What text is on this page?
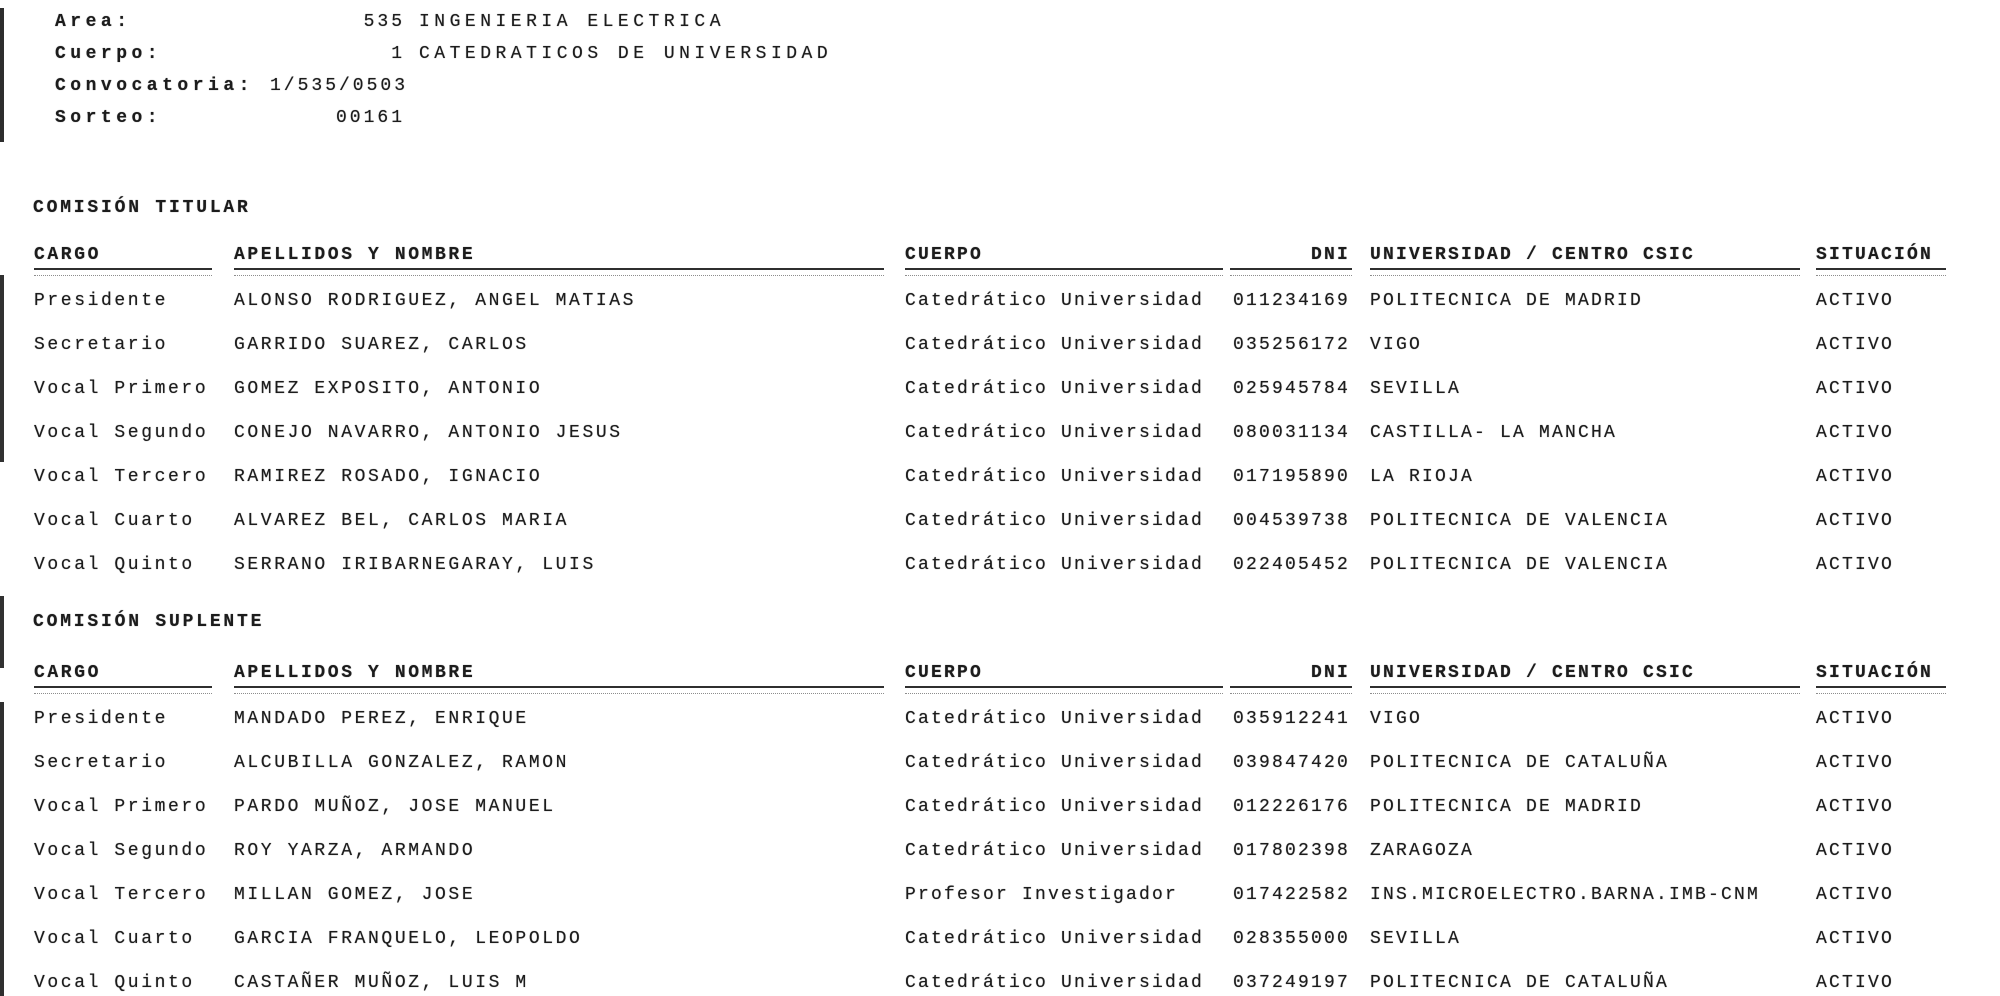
Area:	535 INGENIERIA ELECTRICA
Cuerpo:	1 CATEDRATICOS DE UNIVERSIDAD
Convocatoria: 1/535/0503
Sorteo:	00161
COMISIÓN TITULAR
CARGO	APELLIDOS Y NOMBRE	CUERPO	DNI	UNIVERSIDAD / CENTRO CSIC	SITUACIÓN
Presidente	ALONSO RODRIGUEZ, ANGEL MATIAS	Catedrático Universidad	011234169	POLITECNICA DE MADRID	ACTIVO
Secretario	GARRIDO SUAREZ, CARLOS	Catedrático Universidad	035256172	VIGO	ACTIVO
Vocal Primero	GOMEZ EXPOSITO, ANTONIO	Catedrático Universidad	025945784	SEVILLA	ACTIVO
Vocal Segundo	CONEJO NAVARRO, ANTONIO JESUS	Catedrático Universidad	080031134	CASTILLA- LA MANCHA	ACTIVO
Vocal Tercero	RAMIREZ ROSADO, IGNACIO	Catedrático Universidad	017195890	LA RIOJA	ACTIVO
Vocal Cuarto	ALVAREZ BEL, CARLOS MARIA	Catedrático Universidad	004539738	POLITECNICA DE VALENCIA	ACTIVO
Vocal Quinto	SERRANO IRIBARNEGARAY, LUIS	Catedrático Universidad	022405452	POLITECNICA DE VALENCIA	ACTIVO
COMISIÓN SUPLENTE
CARGO	APELLIDOS Y NOMBRE	CUERPO	DNI	UNIVERSIDAD / CENTRO CSIC	SITUACIÓN
Presidente	MANDADO PEREZ, ENRIQUE	Catedrático Universidad	035912241	VIGO	ACTIVO
Secretario	ALCUBILLA GONZALEZ, RAMON	Catedrático Universidad	039847420	POLITECNICA DE CATALUÑA	ACTIVO
Vocal Primero	PARDO MUÑOZ, JOSE MANUEL	Catedrático Universidad	012226176	POLITECNICA DE MADRID	ACTIVO
Vocal Segundo	ROY YARZA, ARMANDO	Catedrático Universidad	017802398	ZARAGOZA	ACTIVO
Vocal Tercero	MILLAN GOMEZ, JOSE	Profesor Investigador	017422582	INS.MICROELECTRO.BARNA.IMB-CNM	ACTIVO
Vocal Cuarto	GARCIA FRANQUELO, LEOPOLDO	Catedrático Universidad	028355000	SEVILLA	ACTIVO
Vocal Quinto	CASTAÑER MUÑOZ, LUIS M	Catedrático Universidad	037249197	POLITECNICA DE CATALUÑA	ACTIVO
